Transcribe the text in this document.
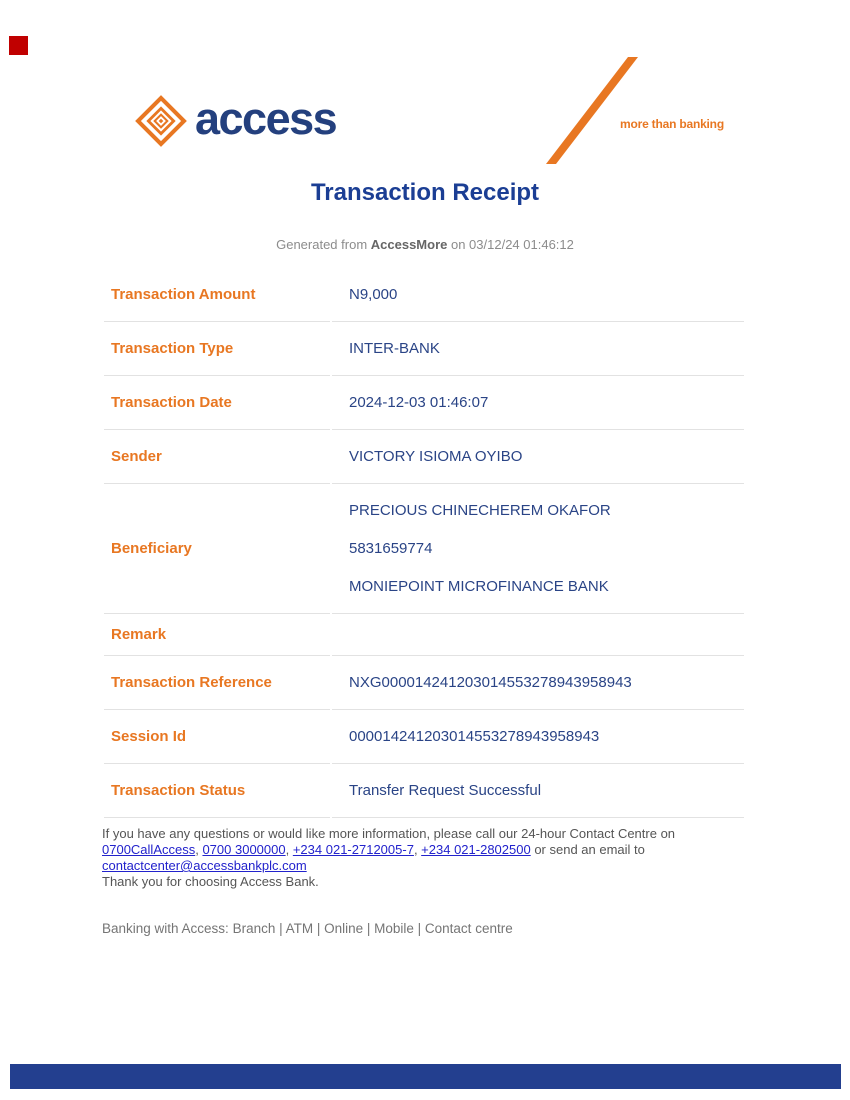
access	more than banking
Transaction Receipt
Generated from AccessMore on 03/12/24 01:46:12
Transaction Amount	N9,000

Transaction Type	INTER-BANK

Transaction Date	2024-12-03 01:46:07

Sender	VICTORY ISIOMA OYIBO

Beneficiary	PRECIOUS CHINECHEREM OKAFOR

5831659774

MONIEPOINT MICROFINANCE BANK

Remark	
Transaction Reference	NXG000014241203014553278943958943

Session Id	000014241203014553278943958943

Transaction Status	Transfer Request Successful

If you have any questions or would like more information, please call our 24-hour Contact Centre on
0700CallAccess, 0700 3000000, +234 021-2712005-7, +234 021-2802500 or send an email to
contactcenter@accessbankplc.com
Thank you for choosing Access Bank.
Banking with Access: Branch | ATM | Online | Mobile | Contact centre
